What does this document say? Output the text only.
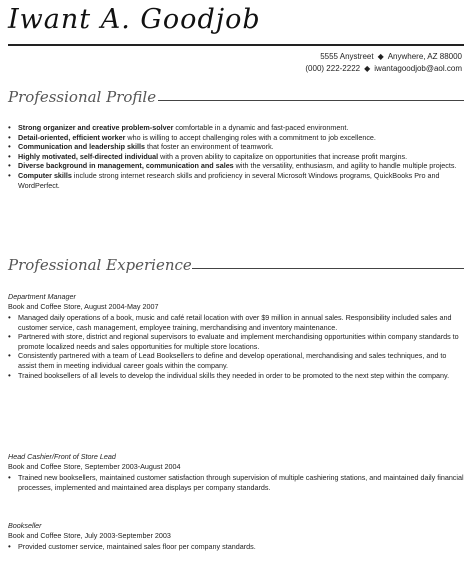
Iwant A. Goodjob
5555 Anystreet ◆ Anywhere, AZ 88000
(000) 222-2222 ◆ iwantagoodjob@aol.com
Professional Profile
• Strong organizer and creative problem-solver comfortable in a dynamic and fast-paced environment.
• Detail-oriented, efficient worker who is willing to accept challenging roles with a commitment to job excellence.
• Communication and leadership skills that foster an environment of teamwork.
• Highly motivated, self-directed individual with a proven ability to capitalize on opportunities that increase profit margins.
• Diverse background in management, communication and sales with the versatility, enthusiasm, and agility to handle multiple projects.
• Computer skills include strong internet research skills and proficiency in several Microsoft Windows programs, QuickBooks Pro and WordPerfect.
Professional Experience
Department Manager
Book and Coffee Store, August 2004-May 2007
• Managed daily operations of a book, music and café retail location with over $9 million in annual sales. Responsibility included sales and customer service, cash management, employee training, merchandising and inventory maintenance.
• Partnered with store, district and regional supervisors to evaluate and implement merchandising opportunities within company standards to promote localized needs and sales opportunities for multiple store locations.
• Consistently partnered with a team of Lead Booksellers to define and develop operational, merchandising and sales techniques, and to assist them in meeting individual career goals within the company.
• Trained booksellers of all levels to develop the individual skills they needed in order to be promoted to the next step within the company.
Head Cashier/Front of Store Lead
Book and Coffee Store, September 2003-August 2004
• Trained new booksellers, maintained customer satisfaction through supervision of multiple cashiering stations, and maintained daily financial processes, implemented and maintained area displays per company standards.
Bookseller
Book and Coffee Store, July 2003-September 2003
• Provided customer service, maintained sales floor per company standards.
